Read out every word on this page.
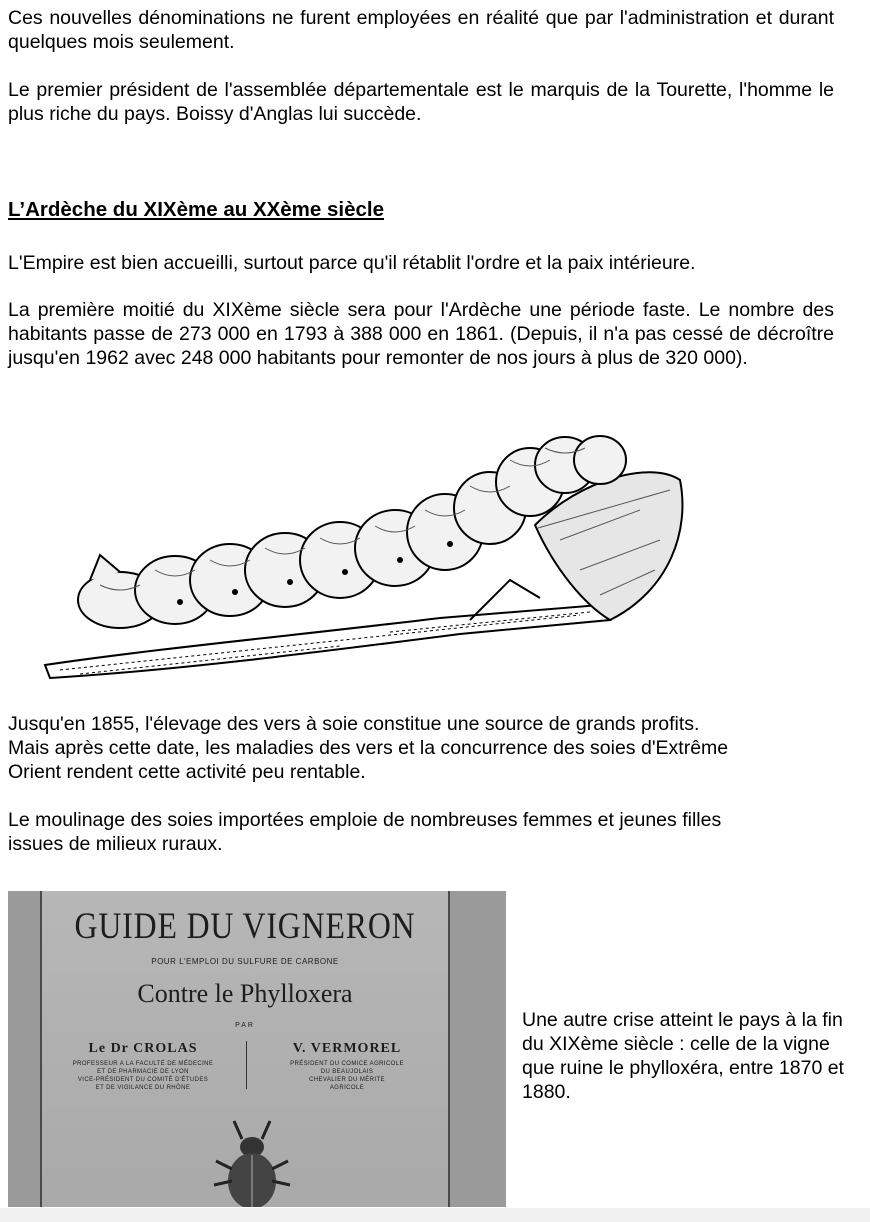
Ces nouvelles dénominations ne furent employées en réalité que par l'administration et durant quelques mois seulement.

Le premier président de l'assemblée départementale est le marquis de la Tourette, l'homme le plus riche du pays. Boissy d'Anglas lui succède.

L’Ardèche du XIXème au XXème siècle

L'Empire est bien accueilli, surtout parce qu'il rétablit l'ordre et la paix intérieure.

La première moitié du XIXème siècle sera pour l'Ardèche une période faste. Le nombre des habitants passe de 273 000 en 1793 à 388 000 en 1861. (Depuis, il n'a pas cessé de décroître jusqu'en 1962 avec 248 000 habitants pour remonter de nos jours à plus de 320 000).

Jusqu'en 1855, l'élevage des vers à soie constitue une source de grands profits.

Mais après cette date, les maladies des vers et la concurrence des soies d'Extrême

Orient rendent cette activité peu rentable.

Le moulinage des soies importées emploie de nombreuses femmes et jeunes filles

issues de milieux ruraux.

GUIDE DU VIGNERON
POUR L'EMPLOI DU SULFURE DE CARBONE
Contre le Phylloxera
PAR
Le Dr CROLAS
PROFESSEUR A LA FACULTÉ DE MÉDECINE
ET DE PHARMACIE DE LYON
VICE-PRÉSIDENT DU COMITÉ D'ÉTUDES
ET DE VIGILANCE DU RHÔNE
V. VERMOREL
PRÉSIDENT DU COMICE AGRICOLE
DU BEAUJOLAIS
CHEVALIER DU MÉRITE
AGRICOLE

Une autre crise atteint le pays à la fin du XIXème siècle : celle de la vigne que ruine le phylloxéra, entre 1870 et 1880.
